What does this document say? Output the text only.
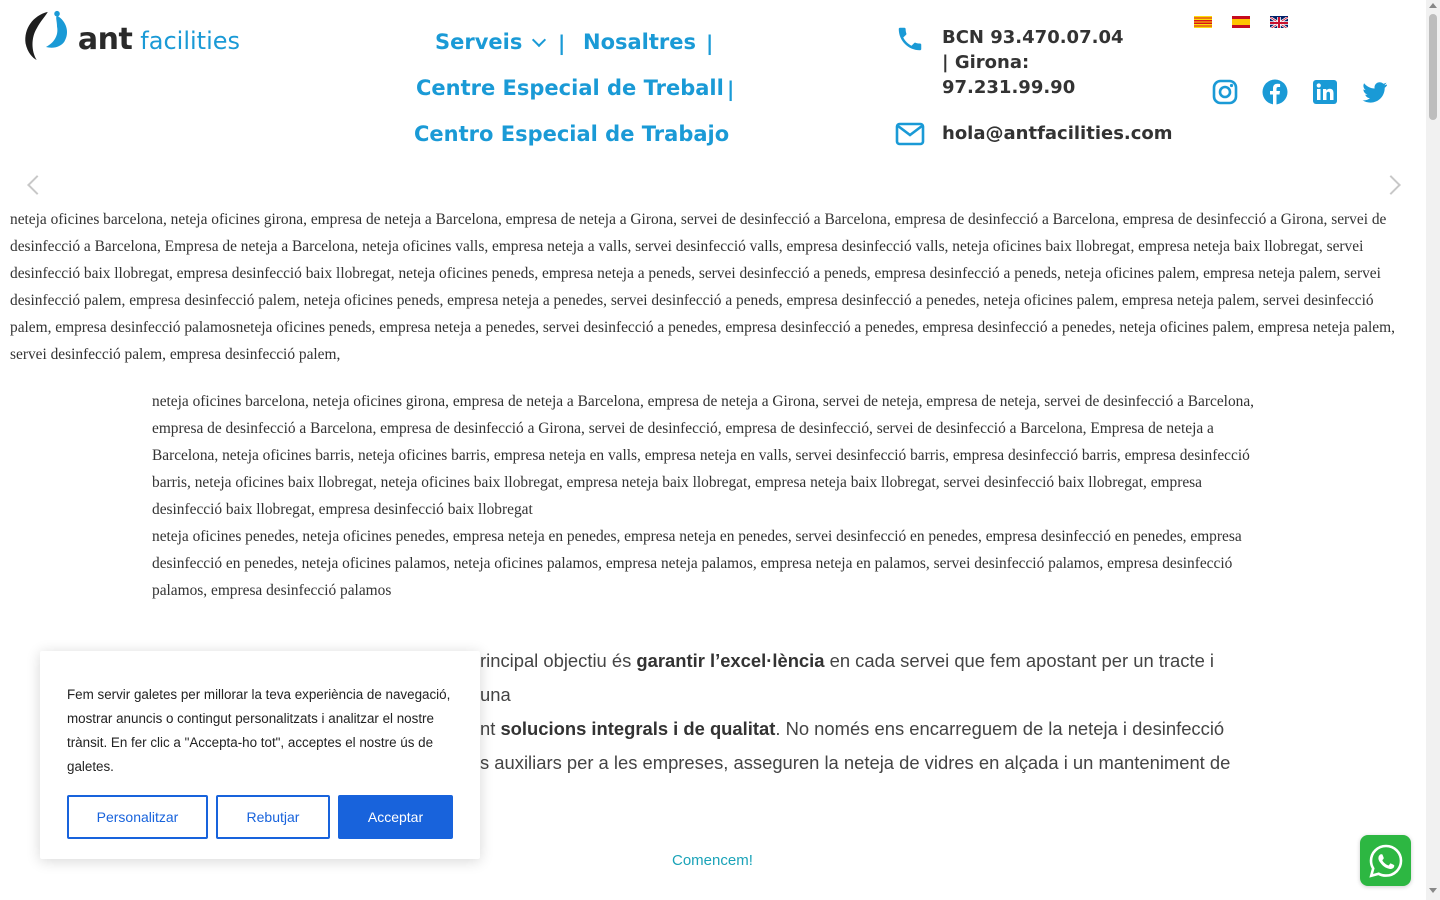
ant facilities	Serveis	| Nosaltres |
Centre Especial de Treball |
Centro Especial de Trabajo
BCN 93.470.07.04
| Girona:
97.231.99.90
hola@antfacilities.com
neteja oficines barcelona, neteja oficines girona, empresa de neteja a Barcelona, empresa de neteja a Girona, servei de desinfecció a Barcelona, empresa de desinfecció a Barcelona, empresa de desinfecció a Girona, servei de desinfecció a Barcelona, Empresa de neteja a Barcelona, neteja oficines valls, empresa neteja a valls, servei desinfecció valls, empresa desinfecció valls, neteja oficines baix llobregat, empresa neteja baix llobregat, servei desinfecció baix llobregat, empresa desinfecció baix llobregat, neteja oficines peneds, empresa neteja a peneds, servei desinfecció a peneds, empresa desinfecció a peneds, neteja oficines palem, empresa neteja palem, servei desinfecció palem, empresa desinfecció palem, neteja oficines peneds, empresa neteja a penedes, servei desinfecció a peneds, empresa desinfecció a penedes, neteja oficines palem, empresa neteja palem, servei desinfecció palem, empresa desinfecció palamosneteja oficines peneds, empresa neteja a penedes, servei desinfecció a penedes, empresa desinfecció a penedes, empresa desinfecció a penedes, neteja oficines palem, empresa neteja palem, servei desinfecció palem, empresa desinfecció palem,
neteja oficines barcelona, neteja oficines girona, empresa de neteja a Barcelona, empresa de neteja a Girona, servei de neteja, empresa de neteja, servei de desinfecció a Barcelona, empresa de desinfecció a Barcelona, empresa de desinfecció a Girona, servei de desinfecció, empresa de desinfecció, servei de desinfecció a Barcelona, Empresa de neteja a Barcelona, neteja oficines barris, neteja oficines barris, empresa neteja en valls, empresa neteja en valls, servei desinfecció barris, empresa desinfecció barris, empresa desinfecció barris, neteja oficines baix llobregat, neteja oficines baix llobregat, empresa neteja baix llobregat, empresa neteja baix llobregat, servei desinfecció baix llobregat, empresa desinfecció baix llobregat, empresa desinfecció baix llobregat
neteja oficines penedes, neteja oficines penedes, empresa neteja en penedes, empresa neteja en penedes, servei desinfecció en penedes, empresa desinfecció en penedes, empresa desinfecció en penedes, neteja oficines palamos, neteja oficines palamos, empresa neteja palamos, empresa neteja en palamos, servei desinfecció palamos, empresa desinfecció palamos, empresa desinfecció palamos
rincipal objectiu és garantir l’excel·lència en cada servei que fem apostant per un tracte i una
nt solucions integrals i de qualitat. No només ens encarreguem de la neteja i desinfecció
s auxiliars per a les empreses, asseguren la neteja de vidres en alçada i un manteniment de
Comencem!
Fem servir galetes per millorar la teva experiència de navegació, mostrar anuncis o contingut personalitzats i analitzar el nostre trànsit. En fer clic a "Accepta-ho tot", acceptes el nostre ús de galetes.
Personalitzar	Rebutjar	Acceptar
